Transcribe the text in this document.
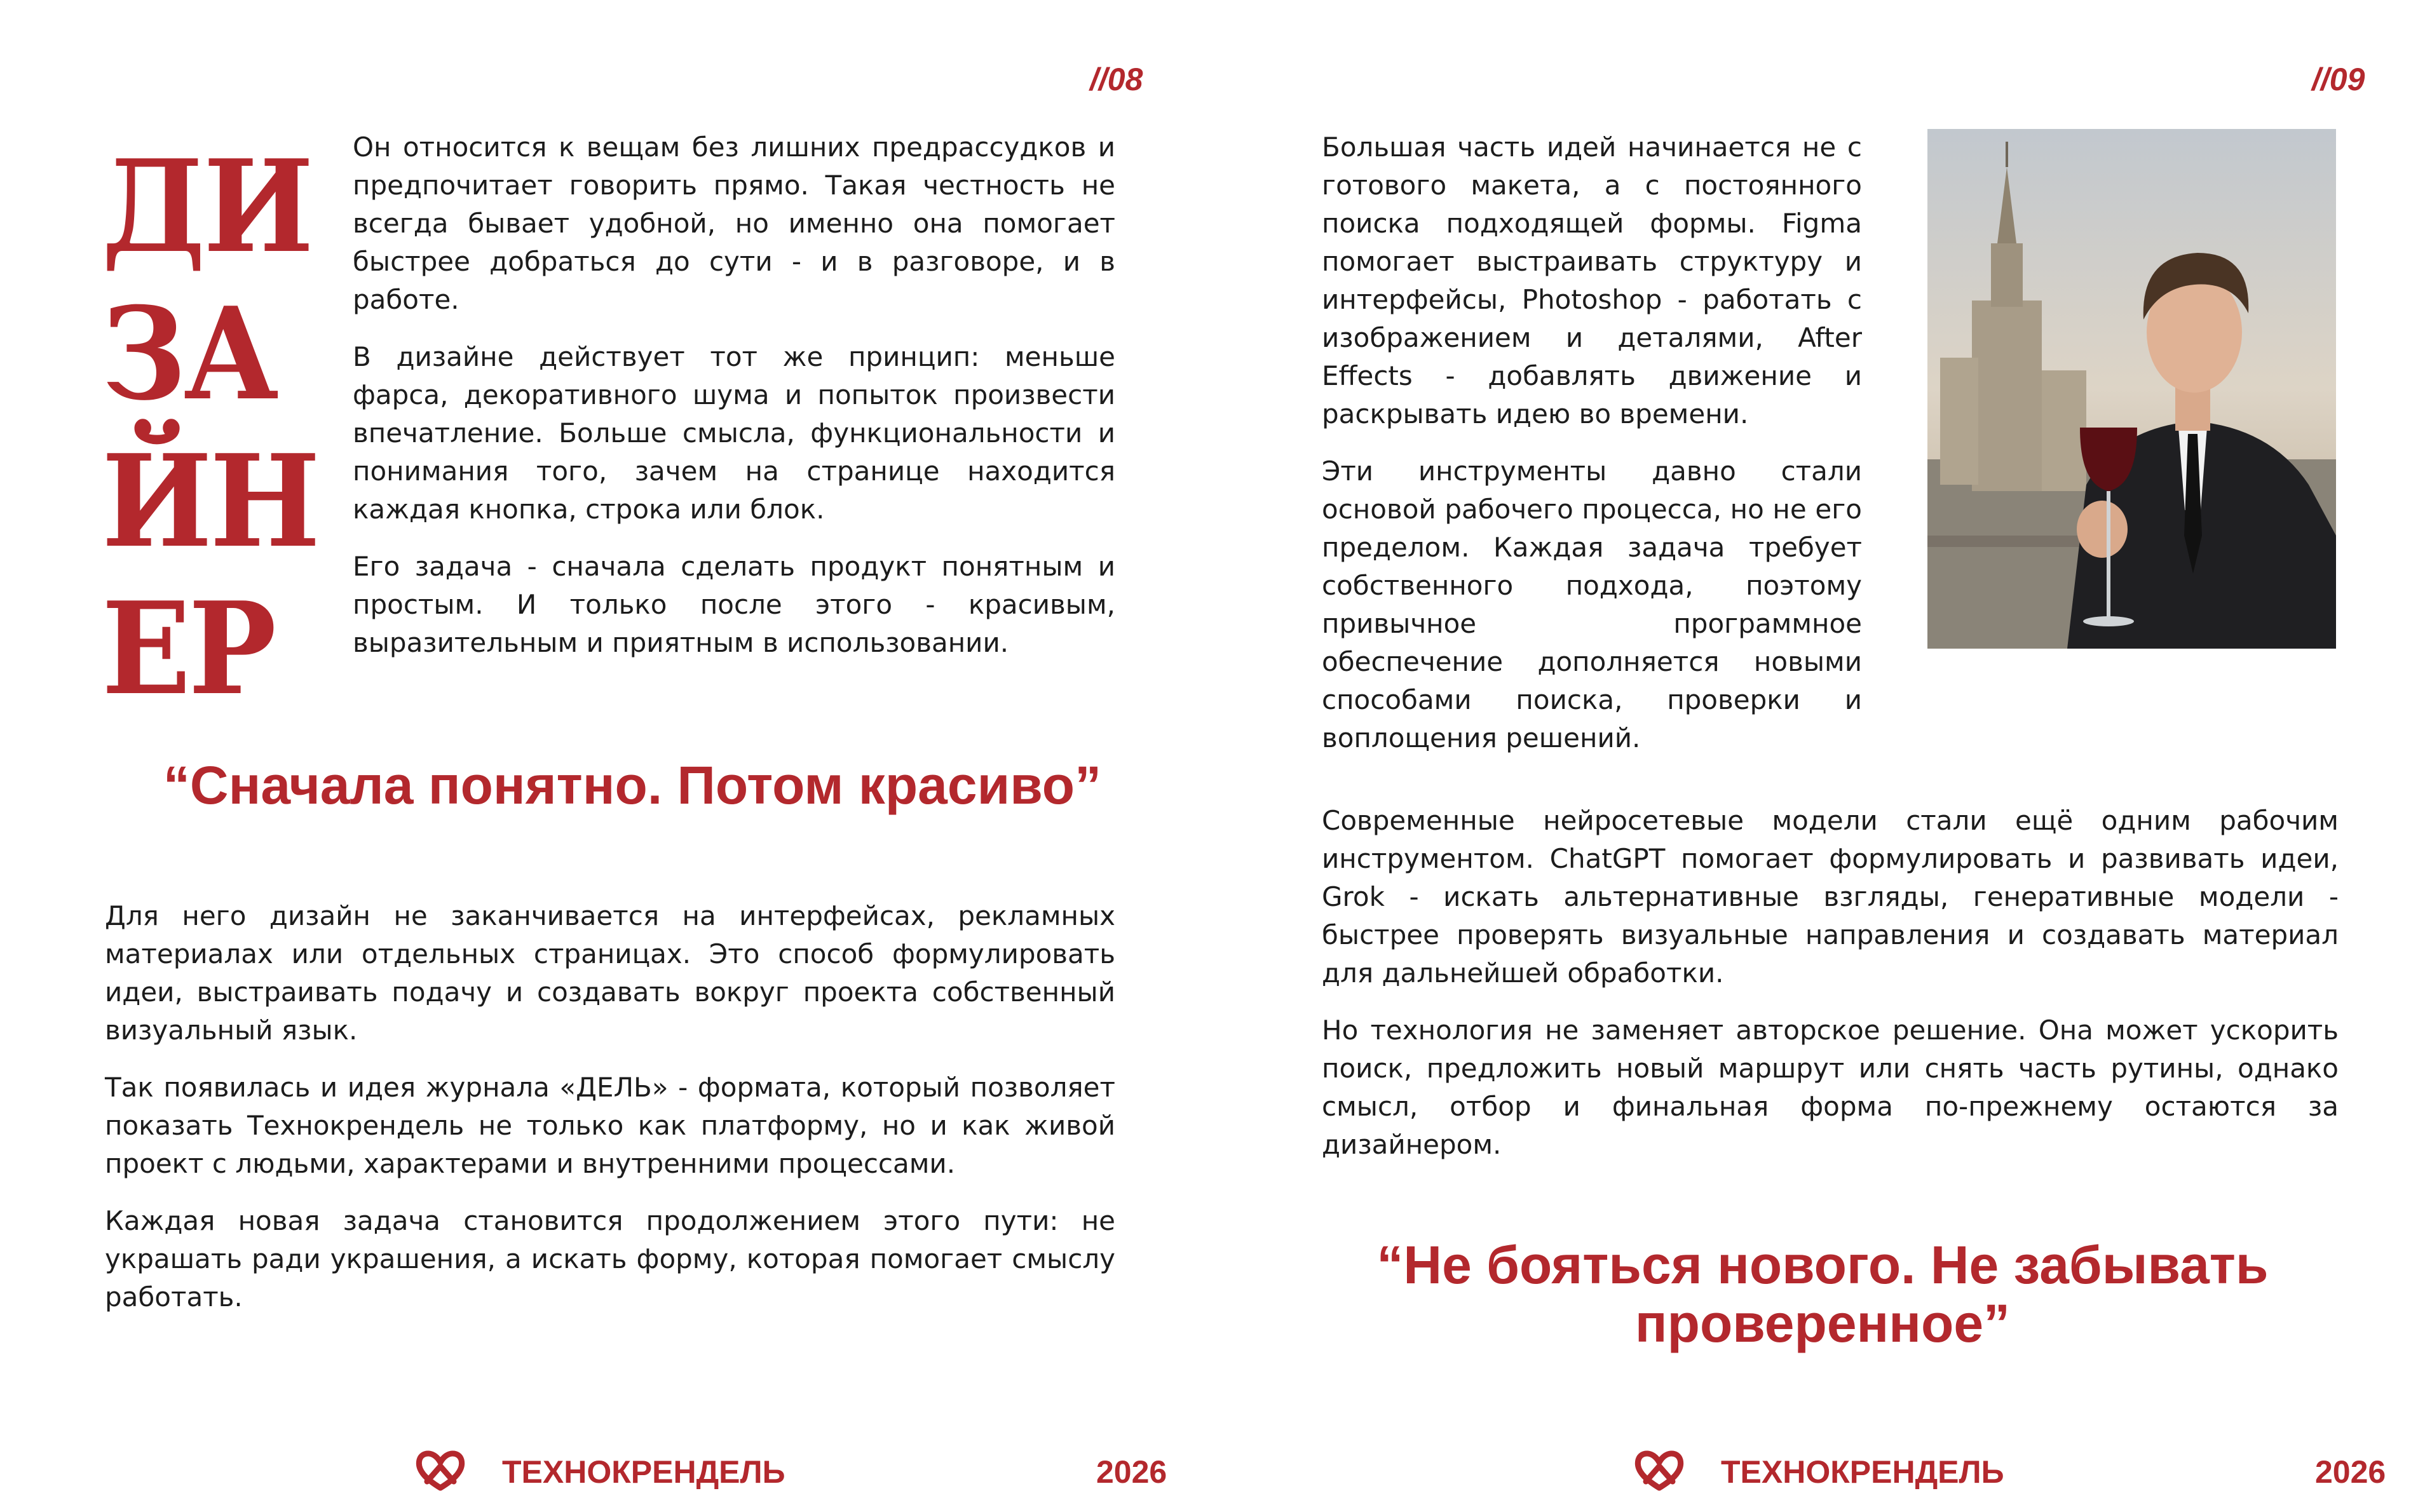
//08
ДИ
ЗА
ЙН
ЕР

Он относится к вещам без лишних предрассудков и предпочитает говорить прямо. Такая честность не всегда бывает удобной, но именно она помогает быстрее добраться до сути - и в разговоре, и в работе.

В дизайне действует тот же принцип: меньше фарса, декоративного шума и попыток произвести впечатление. Больше смысла, функциональности и понимания того, зачем на странице находится каждая кнопка, строка или блок.

Его задача - сначала сделать продукт понятным и простым. И только после этого - красивым, выразительным и приятным в использовании.

“Сначала понятно. Потом красиво”

Для него дизайн не заканчивается на интерфейсах, рекламных материалах или отдельных страницах. Это способ формулировать идеи, выстраивать подачу и создавать вокруг проекта собственный визуальный язык.

Так появилась и идея журнала «ДЕЛЬ» - формата, который позволяет показать Технокрендель не только как платформу, но и как живой проект с людьми, характерами и внутренними процессами.

Каждая новая задача становится продолжением этого пути: не украшать ради украшения, а искать форму, которая помогает смыслу работать.

ТЕХНОКРЕНДЕЛЬ	2026
//09

Большая часть идей начинается не с готового макета, а с постоянного поиска подходящей формы. Figma помогает выстраивать структуру и интерфейсы, Photoshop - работать с изображением и деталями, After Effects - добавлять движение и раскрывать идею во времени.

Эти инструменты давно стали основой рабочего процесса, но не его пределом. Каждая задача требует собственного подхода, поэтому привычное программное обеспечение дополняется новыми способами поиска, проверки и воплощения решений.

Современные нейросетевые модели стали ещё одним рабочим инструментом. ChatGPT помогает формулировать и развивать идеи, Grok - искать альтернативные взгляды, генеративные модели - быстрее проверять визуальные направления и создавать материал для дальнейшей обработки.

Но технология не заменяет авторское решение. Она может ускорить поиск, предложить новый маршрут или снять часть рутины, однако смысл, отбор и финальная форма по-прежнему остаются за дизайнером.

“Не бояться нового. Не забывать проверенное”
ТЕХНОКРЕНДЕЛЬ	2026
